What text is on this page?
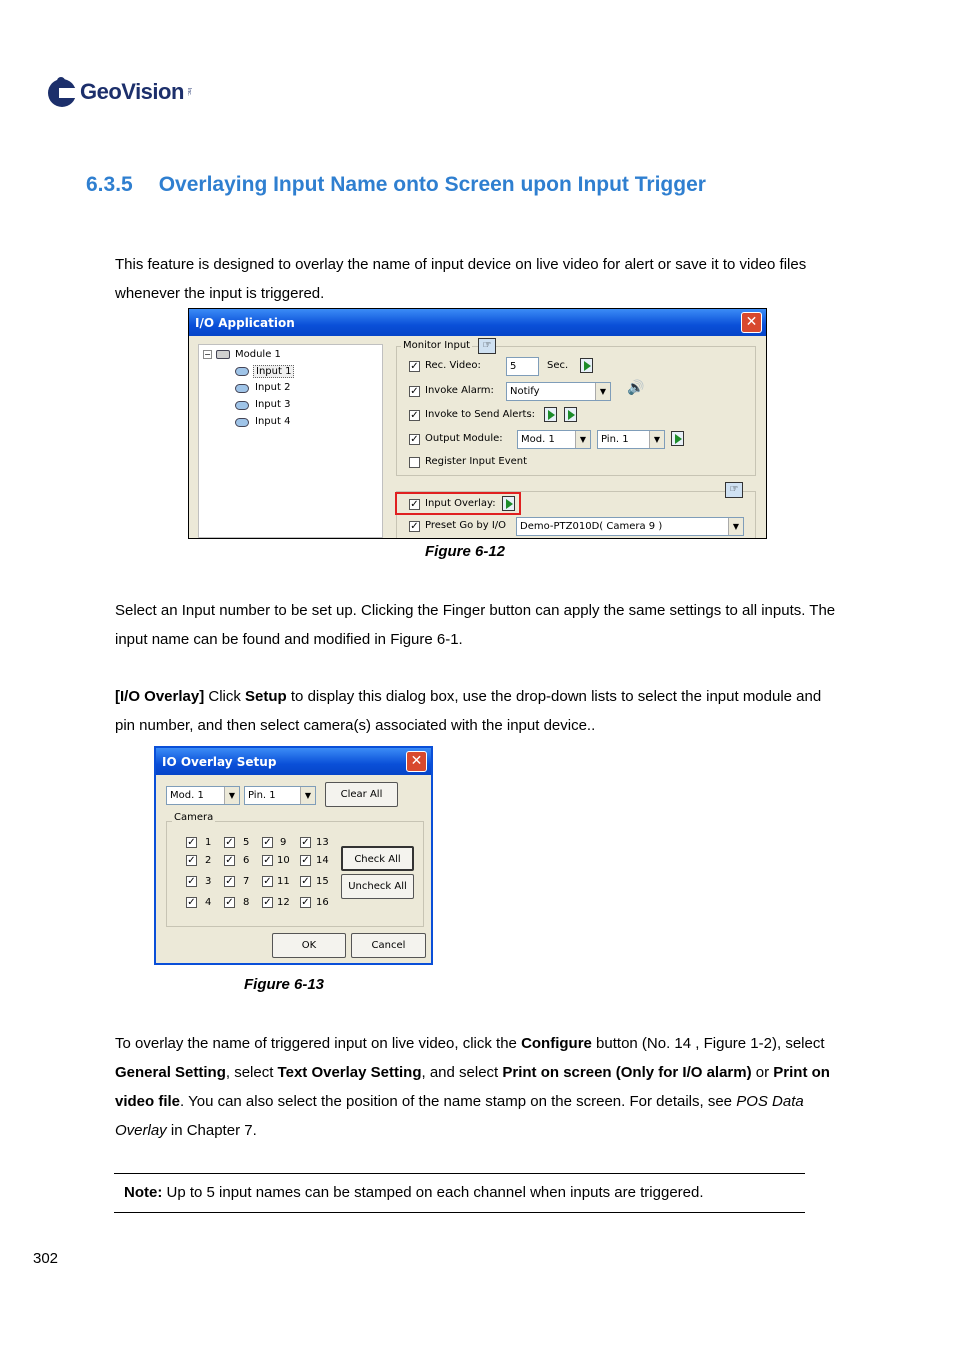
GeoVision Inc.
6.3.5 Overlaying Input Name onto Screen upon Input Trigger
This feature is designed to overlay the name of input device on live video for alert or save it to video files whenever the input is triggered.
I/O Application	✕
− Module 1
Input 1
Input 2
Input 3
Input 4
Monitor Input	☞
✓ Rec. Video:	5	Sec.
✓ Invoke Alarm:	Notify	▼ 🔊
✓ Invoke to Send Alerts:
✓ Output Module:	Mod. 1	▼	Pin. 1	▼
Register Input Event
☞
✓ Input Overlay:
✓ Preset Go by I/O	Demo-PTZ010D( Camera 9 )	▼
Figure 6-12
Select an Input number to be set up. Clicking the Finger button can apply the same settings to all inputs. The input name can be found and modified in Figure 6-1.
[I/O Overlay] Click Setup to display this dialog box, use the drop-down lists to select the input module and pin number, and then select camera(s) associated with the input device..
IO Overlay Setup	✕
Mod. 1	▼	Pin. 1	▼	Clear All
Camera
✓ 1 ✓ 5 ✓ 9 ✓ 13
✓ 2 ✓ 6 ✓ 10 ✓ 14
✓ 3 ✓ 7 ✓ 11 ✓ 15
✓ 4 ✓ 8 ✓ 12 ✓ 16
Check All
Uncheck All
OK	Cancel
Figure 6-13
To overlay the name of triggered input on live video, click the Configure button (No. 14 , Figure 1-2), select General Setting, select Text Overlay Setting, and select Print on screen (Only for I/O alarm) or Print on video file. You can also select the position of the name stamp on the screen. For details, see POS Data Overlay in Chapter 7.
Note: Up to 5 input names can be stamped on each channel when inputs are triggered.
302
